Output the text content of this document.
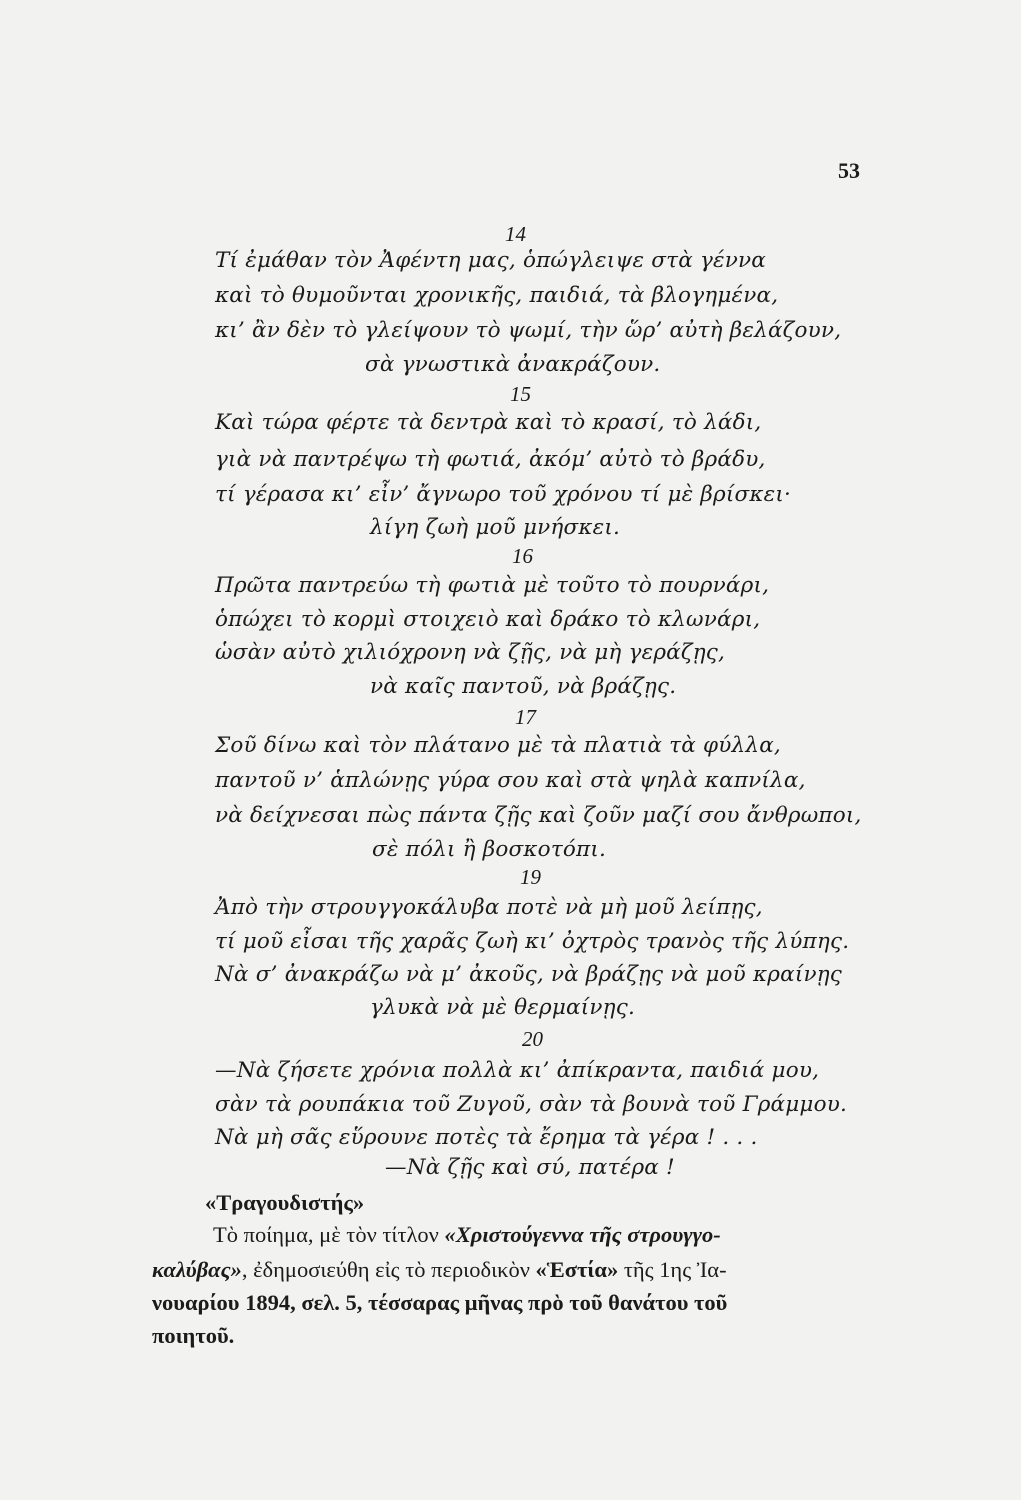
53
14
Τί ἐμάθαν τὸν Ἀφέντη μας, ὁπώγλειψε στὰ γέννα
καὶ τὸ θυμοῦνται χρονικῆς, παιδιά, τὰ βλογημένα,
κι’ ἂν δὲν τὸ γλείψουν τὸ ψωμί, τὴν ὥρ’ αὐτὴ βελάζουν,
σὰ γνωστικὰ ἀνακράζουν.
15
Καὶ τώρα φέρτε τὰ δεντρὰ καὶ τὸ κρασί, τὸ λάδι,
γιὰ νὰ παντρέψω τὴ φωτιά, ἀκόμ’ αὐτὸ τὸ βράδυ,
τί γέρασα κι’ εἶν’ ἄγνωρο τοῦ χρόνου τί μὲ βρίσκει·
λίγη ζωὴ μοῦ μνήσκει.
16
Πρῶτα παντρεύω τὴ φωτιὰ μὲ τοῦτο τὸ πουρνάρι,
ὁπώχει τὸ κορμὶ στοιχειὸ καὶ δράκο τὸ κλωνάρι,
ὡσὰν αὐτὸ χιλιόχρονη νὰ ζῇς, νὰ μὴ γεράζῃς,
νὰ καῖς παντοῦ, νὰ βράζῃς.
17
Σοῦ δίνω καὶ τὸν πλάτανο μὲ τὰ πλατιὰ τὰ φύλλα,
παντοῦ ν’ ἁπλώνῃς γύρα σου καὶ στὰ ψηλὰ καπνίλα,
νὰ δείχνεσαι πὼς πάντα ζῇς καὶ ζοῦν μαζί σου ἄνθρωποι,
σὲ πόλι ἢ βοσκοτόπι.
19
Ἀπὸ τὴν στρουγγοκάλυβα ποτὲ νὰ μὴ μοῦ λείπῃς,
τί μοῦ εἶσαι τῆς χαρᾶς ζωὴ κι’ ὀχτρὸς τρανὸς τῆς λύπης.
Νὰ σ’ ἀνακράζω νὰ μ’ ἀκοῦς, νὰ βράζῃς νὰ μοῦ κραίνῃς
γλυκὰ νὰ μὲ θερμαίνῃς.
20
—Νὰ ζήσετε χρόνια πολλὰ κι’ ἀπίκραντα, παιδιά μου,
σὰν τὰ ρουπάκια τοῦ Ζυγοῦ, σὰν τὰ βουνὰ τοῦ Γράμμου.
Νὰ μὴ σᾶς εὕρουνε ποτὲς τὰ ἔρημα τὰ γέρα ! . . .
—Νὰ ζῇς καὶ σύ, πατέρα !
«Τραγουδιστής»
Τὸ ποίημα, μὲ τὸν τίτλον «Χριστούγεννα τῆς στρουγγο-
καλύβας», ἐδημοσιεύθη εἰς τὸ περιοδικὸν «Ἑστία» τῆς 1ης Ἰα-
νουαρίου 1894, σελ. 5, τέσσαρας μῆνας πρὸ τοῦ θανάτου τοῦ
ποιητοῦ.
